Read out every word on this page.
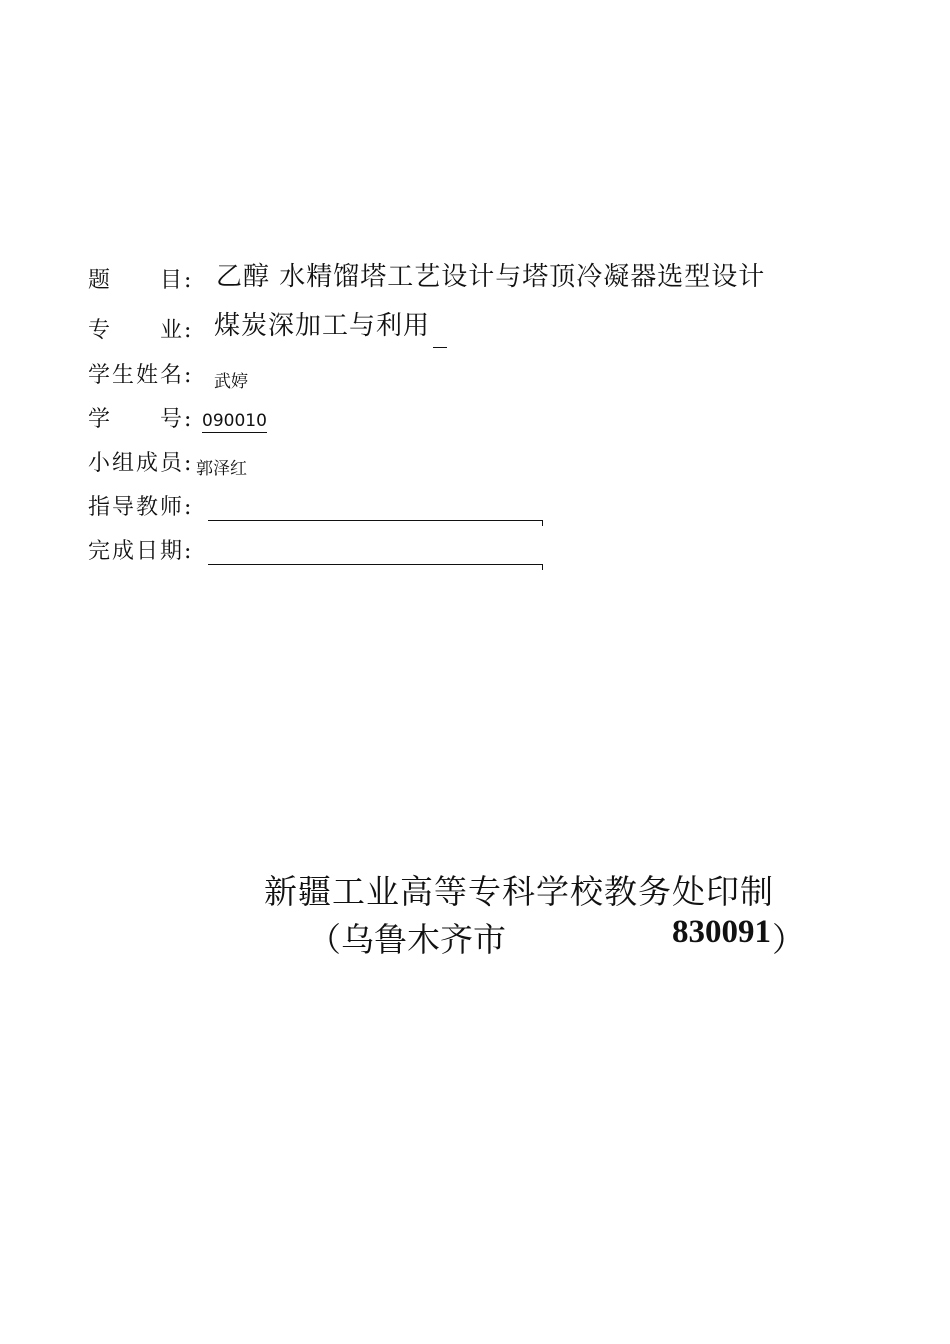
题　　目: 乙醇 水精馏塔工艺设计与塔顶冷凝器选型设计
专　　业: 煤炭深加工与利用
学生姓名: 武婷
学　　号: 090010
小组成员: 郭泽红
指导教师:
完成日期:
新疆工业高等专科学校教务处印制
（乌鲁木齐市	830091 ）
